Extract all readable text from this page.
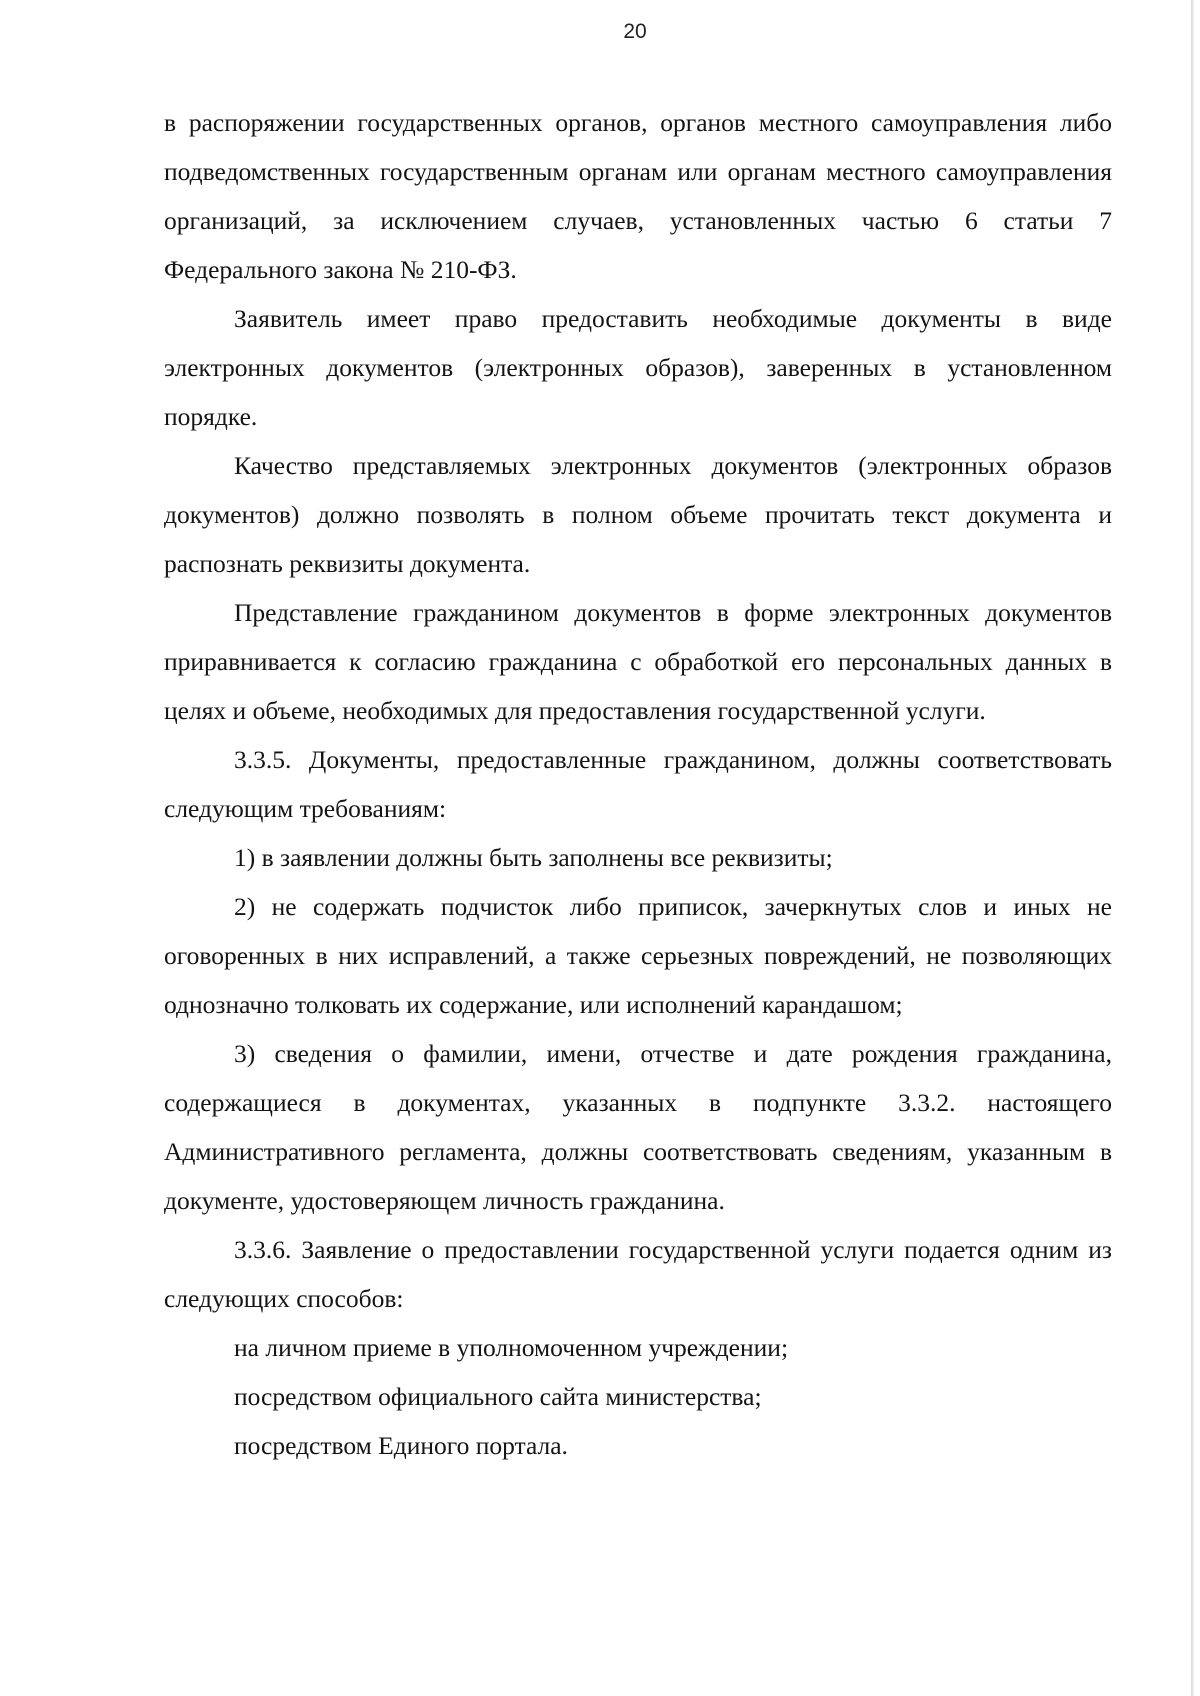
20

в распоряжении государственных органов, органов местного самоуправления либо подведомственных государственным органам или органам местного самоуправления организаций, за исключением случаев, установленных частью 6 статьи 7 Федерального закона № 210-ФЗ.

Заявитель имеет право предоставить необходимые документы в виде электронных документов (электронных образов), заверенных в установленном порядке.

Качество представляемых электронных документов (электронных образов документов) должно позволять в полном объеме прочитать текст документа и распознать реквизиты документа.

Представление гражданином документов в форме электронных документов приравнивается к согласию гражданина с обработкой его персональных данных в целях и объеме, необходимых для предоставления государственной услуги.

3.3.5. Документы, предоставленные гражданином, должны соответствовать следующим требованиям:

1) в заявлении должны быть заполнены все реквизиты;

2) не содержать подчисток либо приписок, зачеркнутых слов и иных не оговоренных в них исправлений, а также серьезных повреждений, не позволяющих однозначно толковать их содержание, или исполнений карандашом;

3) сведения о фамилии, имени, отчестве и дате рождения гражданина, содержащиеся в документах, указанных в подпункте 3.3.2. настоящего Административного регламента, должны соответствовать сведениям, указанным в документе, удостоверяющем личность гражданина.

3.3.6. Заявление о предоставлении государственной услуги подается одним из следующих способов:

на личном приеме в уполномоченном учреждении;

посредством официального сайта министерства;

посредством Единого портала.
